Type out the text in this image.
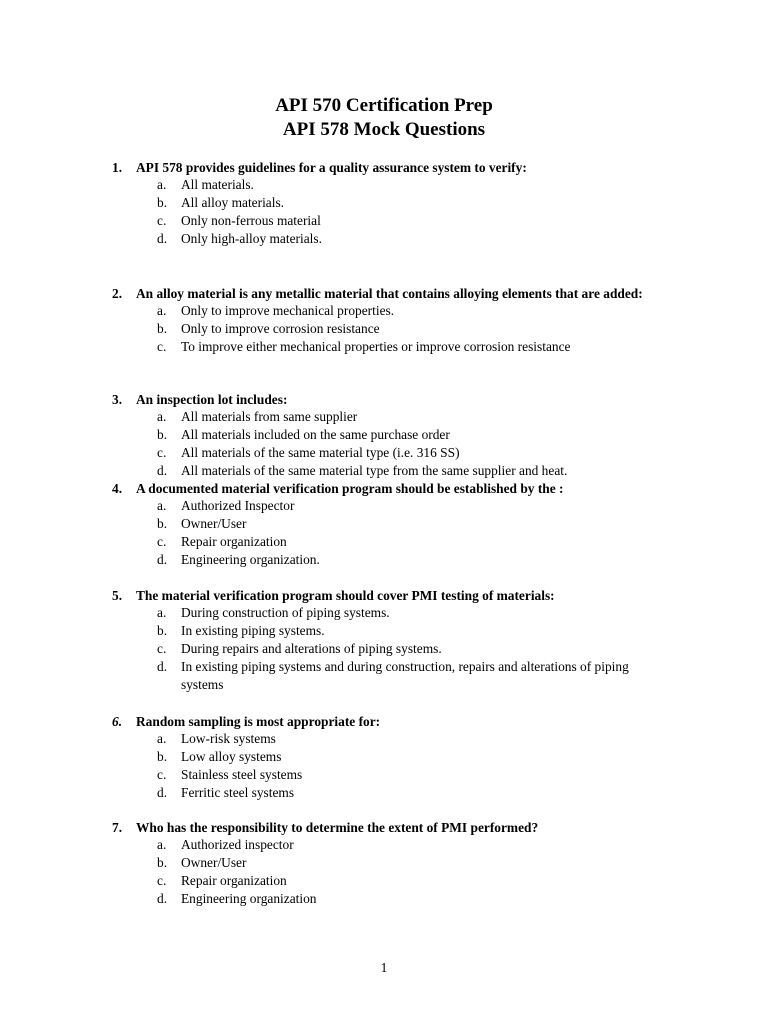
API 570 Certification Prep
API 578 Mock Questions
1.	API 578 provides guidelines for a quality assurance system to verify:
a.	All materials.
b.	All alloy materials.
c.	Only non-ferrous material
d.	Only high-alloy materials.
2.	An alloy material is any metallic material that contains alloying elements that are added:
a.	Only to improve mechanical properties.
b.	Only to improve corrosion resistance
c.	To improve either mechanical properties or improve corrosion resistance
3.	An inspection lot includes:
a.	All materials from same supplier
b.	All materials included on the same purchase order
c.	All materials of the same material type (i.e. 316 SS)
d.	All materials of the same material type from the same supplier and heat.
4.	A documented material verification program should be established by the :
a.	Authorized Inspector
b.	Owner/User
c.	Repair organization
d.	Engineering organization.
5.	The material verification program should cover PMI testing of materials:
a.	During construction of piping systems.
b.	In existing piping systems.
c.	During repairs and alterations of piping systems.
d.	In existing piping systems and during construction, repairs and alterations of piping systems
6.	Random sampling is most appropriate for:
a.	Low-risk systems
b.	Low alloy systems
c.	Stainless steel systems
d.	Ferritic steel systems
7.	Who has the responsibility to determine the extent of PMI performed?
a.	Authorized inspector
b.	Owner/User
c.	Repair organization
d.	Engineering organization
1
